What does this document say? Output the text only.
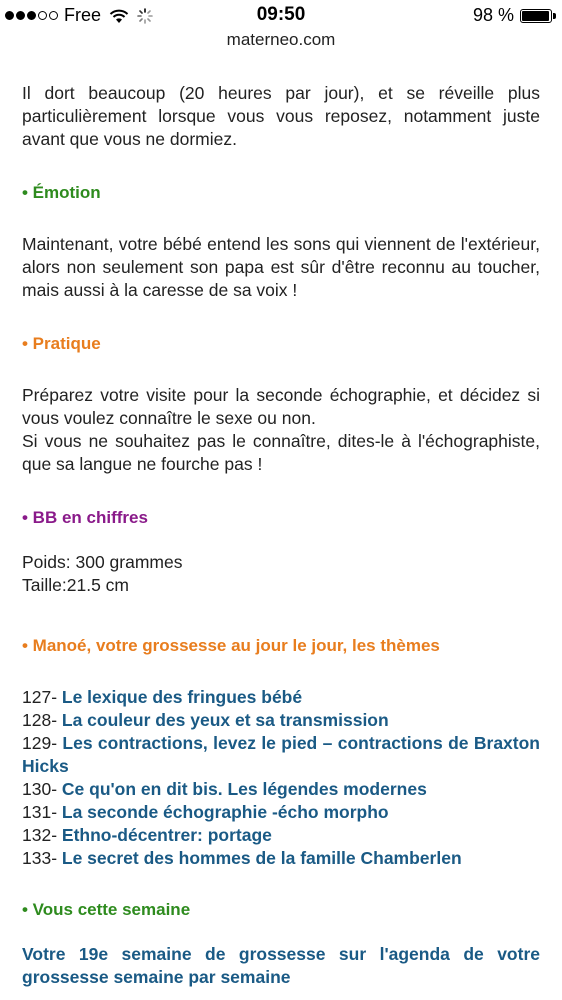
Free	09:50	98 %
materneo.com

Il dort beaucoup (20 heures par jour), et se réveille plus particulièrement lorsque vous vous reposez, notamment juste avant que vous ne dormiez.

• Émotion

Maintenant, votre bébé entend les sons qui viennent de l'extérieur, alors non seulement son papa est sûr d'être reconnu au toucher, mais aussi à la caresse de sa voix !

• Pratique

Préparez votre visite pour la seconde échographie, et décidez si vous voulez connaître le sexe ou non.

Si vous ne souhaitez pas le connaître, dites-le à l'échographiste, que sa langue ne fourche pas !

• BB en chiffres

Poids: 300 grammes

Taille:21.5 cm

• Manoé, votre grossesse au jour le jour, les thèmes

127- Le lexique des fringues bébé
128- La couleur des yeux et sa transmission
129- Les contractions, levez le pied – contractions de Braxton Hicks
130- Ce qu'on en dit bis. Les légendes modernes
131- La seconde échographie -écho morpho
132- Ethno-décentrer: portage
133- Le secret des hommes de la famille Chamberlen

• Vous cette semaine

Votre 19e semaine de grossesse sur l'agenda de votre grossesse semaine par semaine
